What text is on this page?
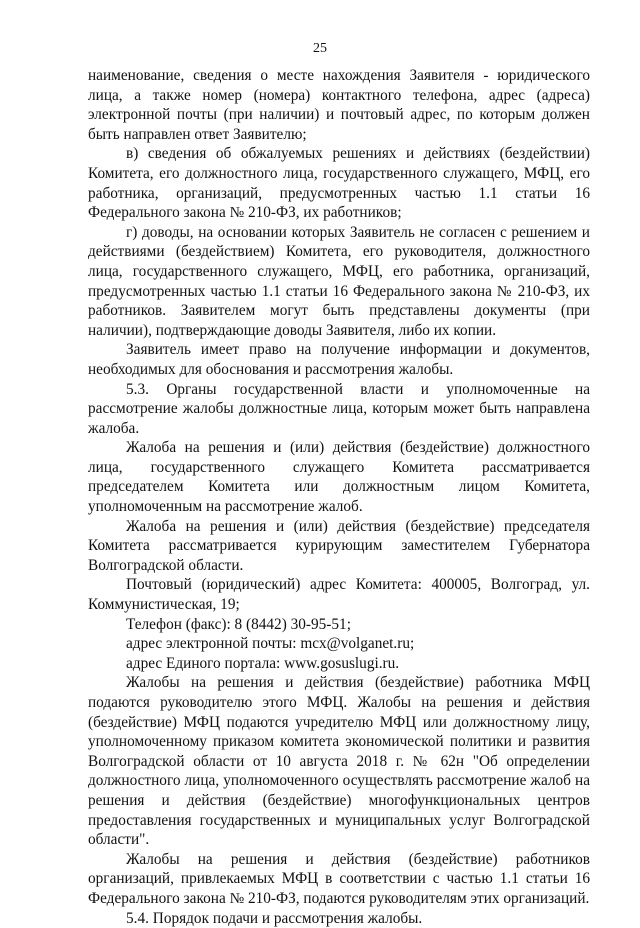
25

наименование, сведения о месте нахождения Заявителя - юридического лица, а также номер (номера) контактного телефона, адрес (адреса) электронной почты (при наличии) и почтовый адрес, по которым должен быть направлен ответ Заявителю;

в) сведения об обжалуемых решениях и действиях (бездействии) Комитета, его должностного лица, государственного служащего, МФЦ, его работника, организаций, предусмотренных частью 1.1 статьи 16 Федерального закона № 210-ФЗ, их работников;

г) доводы, на основании которых Заявитель не согласен с решением и действиями (бездействием) Комитета, его руководителя, должностного лица, государственного служащего, МФЦ, его работника, организаций, предусмотренных частью 1.1 статьи 16 Федерального закона № 210-ФЗ, их работников. Заявителем могут быть представлены документы (при наличии), подтверждающие доводы Заявителя, либо их копии.

Заявитель имеет право на получение информации и документов, необходимых для обоснования и рассмотрения жалобы.

5.3. Органы государственной власти и уполномоченные на рассмотрение жалобы должностные лица, которым может быть направлена жалоба.

Жалоба на решения и (или) действия (бездействие) должностного лица, государственного служащего Комитета рассматривается председателем Комитета или должностным лицом Комитета, уполномоченным на рассмотрение жалоб.

Жалоба на решения и (или) действия (бездействие) председателя Комитета рассматривается курирующим заместителем Губернатора Волгоградской области.

Почтовый (юридический) адрес Комитета: 400005, Волгоград, ул. Коммунистическая, 19;

Телефон (факс): 8 (8442) 30-95-51;

адрес электронной почты: mcx@volganet.ru;

адрес Единого портала: www.gosuslugi.ru.

Жалобы на решения и действия (бездействие) работника МФЦ подаются руководителю этого МФЦ. Жалобы на решения и действия (бездействие) МФЦ подаются учредителю МФЦ или должностному лицу, уполномоченному приказом комитета экономической политики и развития Волгоградской области от 10 августа 2018 г. № 62н "Об определении должностного лица, уполномоченного осуществлять рассмотрение жалоб на решения и действия (бездействие) многофункциональных центров предоставления государственных и муниципальных услуг Волгоградской области".

Жалобы на решения и действия (бездействие) работников организаций, привлекаемых МФЦ в соответствии с частью 1.1 статьи 16 Федерального закона № 210-ФЗ, подаются руководителям этих организаций.

5.4. Порядок подачи и рассмотрения жалобы.
